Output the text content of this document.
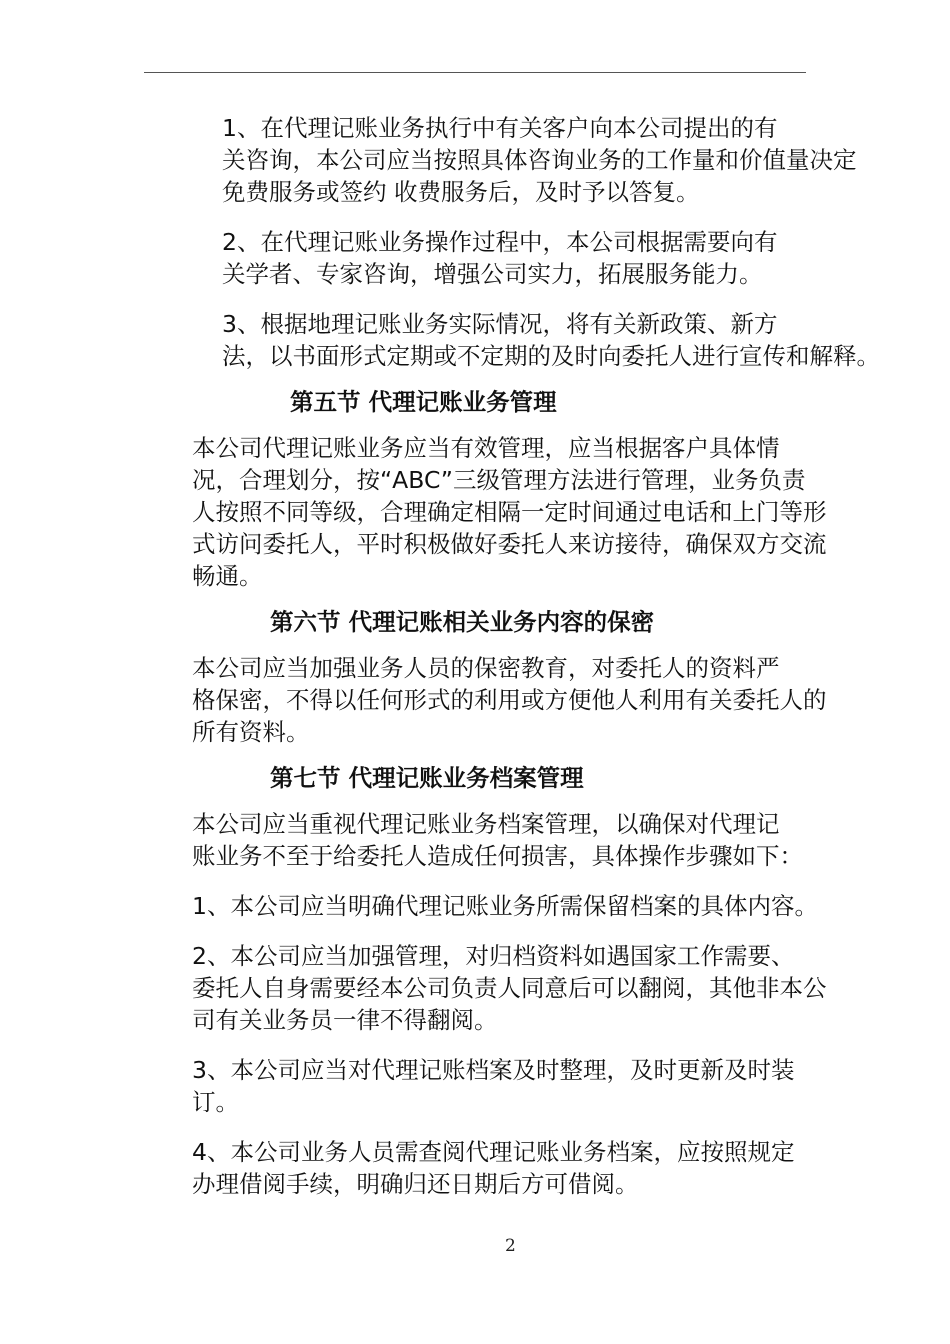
1、在代理记账业务执行中有关客户向本公司提出的有
关咨询，本公司应当按照具体咨询业务的工作量和价值量决定
免费服务或签约 收费服务后，及时予以答复。

2、在代理记账业务操作过程中，本公司根据需要向有
关学者、专家咨询，增强公司实力，拓展服务能力。

3、根据地理记账业务实际情况，将有关新政策、新方
法，以书面形式定期或不定期的及时向委托人进行宣传和解释。

第五节 代理记账业务管理

本公司代理记账业务应当有效管理，应当根据客户具体情
况，合理划分，按“ABC”三级管理方法进行管理，业务负责
人按照不同等级，合理确定相隔一定时间通过电话和上门等形
式访问委托人，平时积极做好委托人来访接待，确保双方交流
畅通。

第六节 代理记账相关业务内容的保密

本公司应当加强业务人员的保密教育，对委托人的资料严
格保密，不得以任何形式的利用或方便他人利用有关委托人的
所有资料。

第七节 代理记账业务档案管理

本公司应当重视代理记账业务档案管理，以确保对代理记
账业务不至于给委托人造成任何损害，具体操作步骤如下：

1、本公司应当明确代理记账业务所需保留档案的具体内容。

2、本公司应当加强管理，对归档资料如遇国家工作需要、
委托人自身需要经本公司负责人同意后可以翻阅，其他非本公
司有关业务员一律不得翻阅。

3、本公司应当对代理记账档案及时整理，及时更新及时装
订。

4、本公司业务人员需查阅代理记账业务档案，应按照规定
办理借阅手续，明确归还日期后方可借阅。

2
